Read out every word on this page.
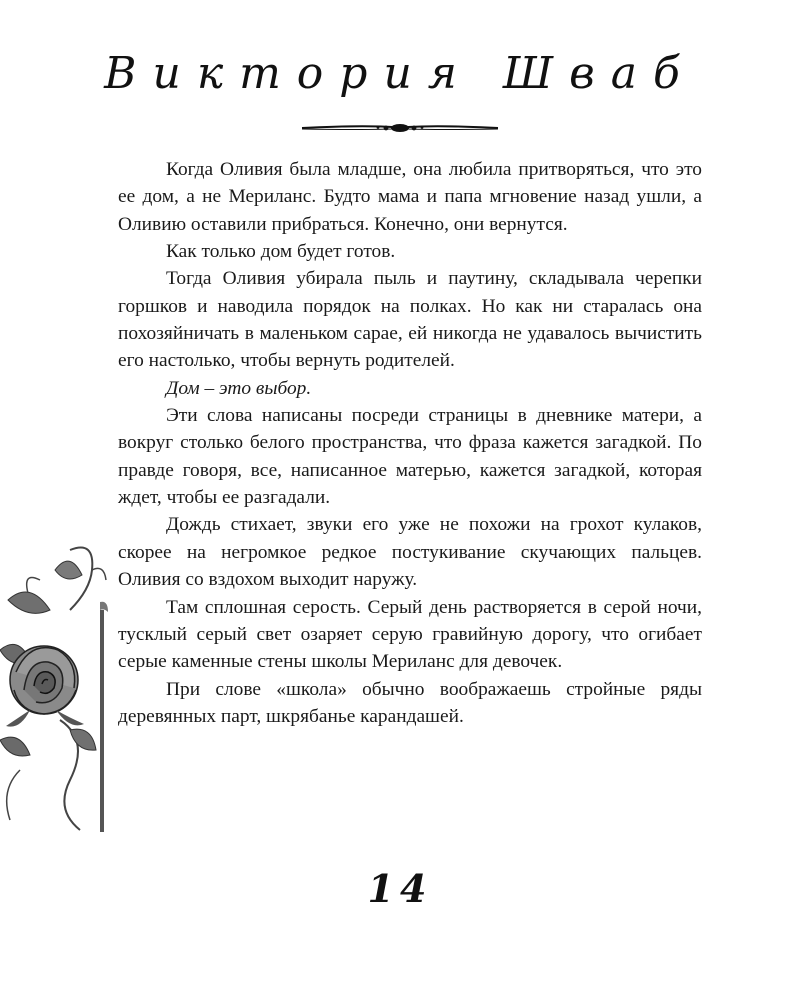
Виктория Шваб

Когда Оливия была младше, она любила притворяться, что это ее дом, а не Мериланс. Будто мама и папа мгновение назад ушли, а Оливию оставили прибраться. Конечно, они вернутся.

Как только дом будет готов.

Тогда Оливия убирала пыль и паутину, складывала черепки горшков и наводила порядок на полках. Но как ни старалась она похозяйничать в маленьком сарае, ей никогда не удавалось вычистить его настолько, чтобы вернуть родителей.

Дом – это выбор.

Эти слова написаны посреди страницы в дневнике матери, а вокруг столько белого пространства, что фраза кажется загадкой. По правде говоря, все, написанное матерью, кажется загадкой, которая ждет, чтобы ее разгадали.

Дождь стихает, звуки его уже не похожи на грохот кулаков, скорее на негромкое редкое постукивание скучающих пальцев. Оливия со вздохом выходит наружу.

Там сплошная серость. Серый день растворяется в серой ночи, тусклый серый свет озаряет серую гравийную дорогу, что огибает серые каменные стены школы Мериланс для девочек.

При слове «школа» обычно воображаешь стройные ряды деревянных парт, шкрябанье карандашей.

14
